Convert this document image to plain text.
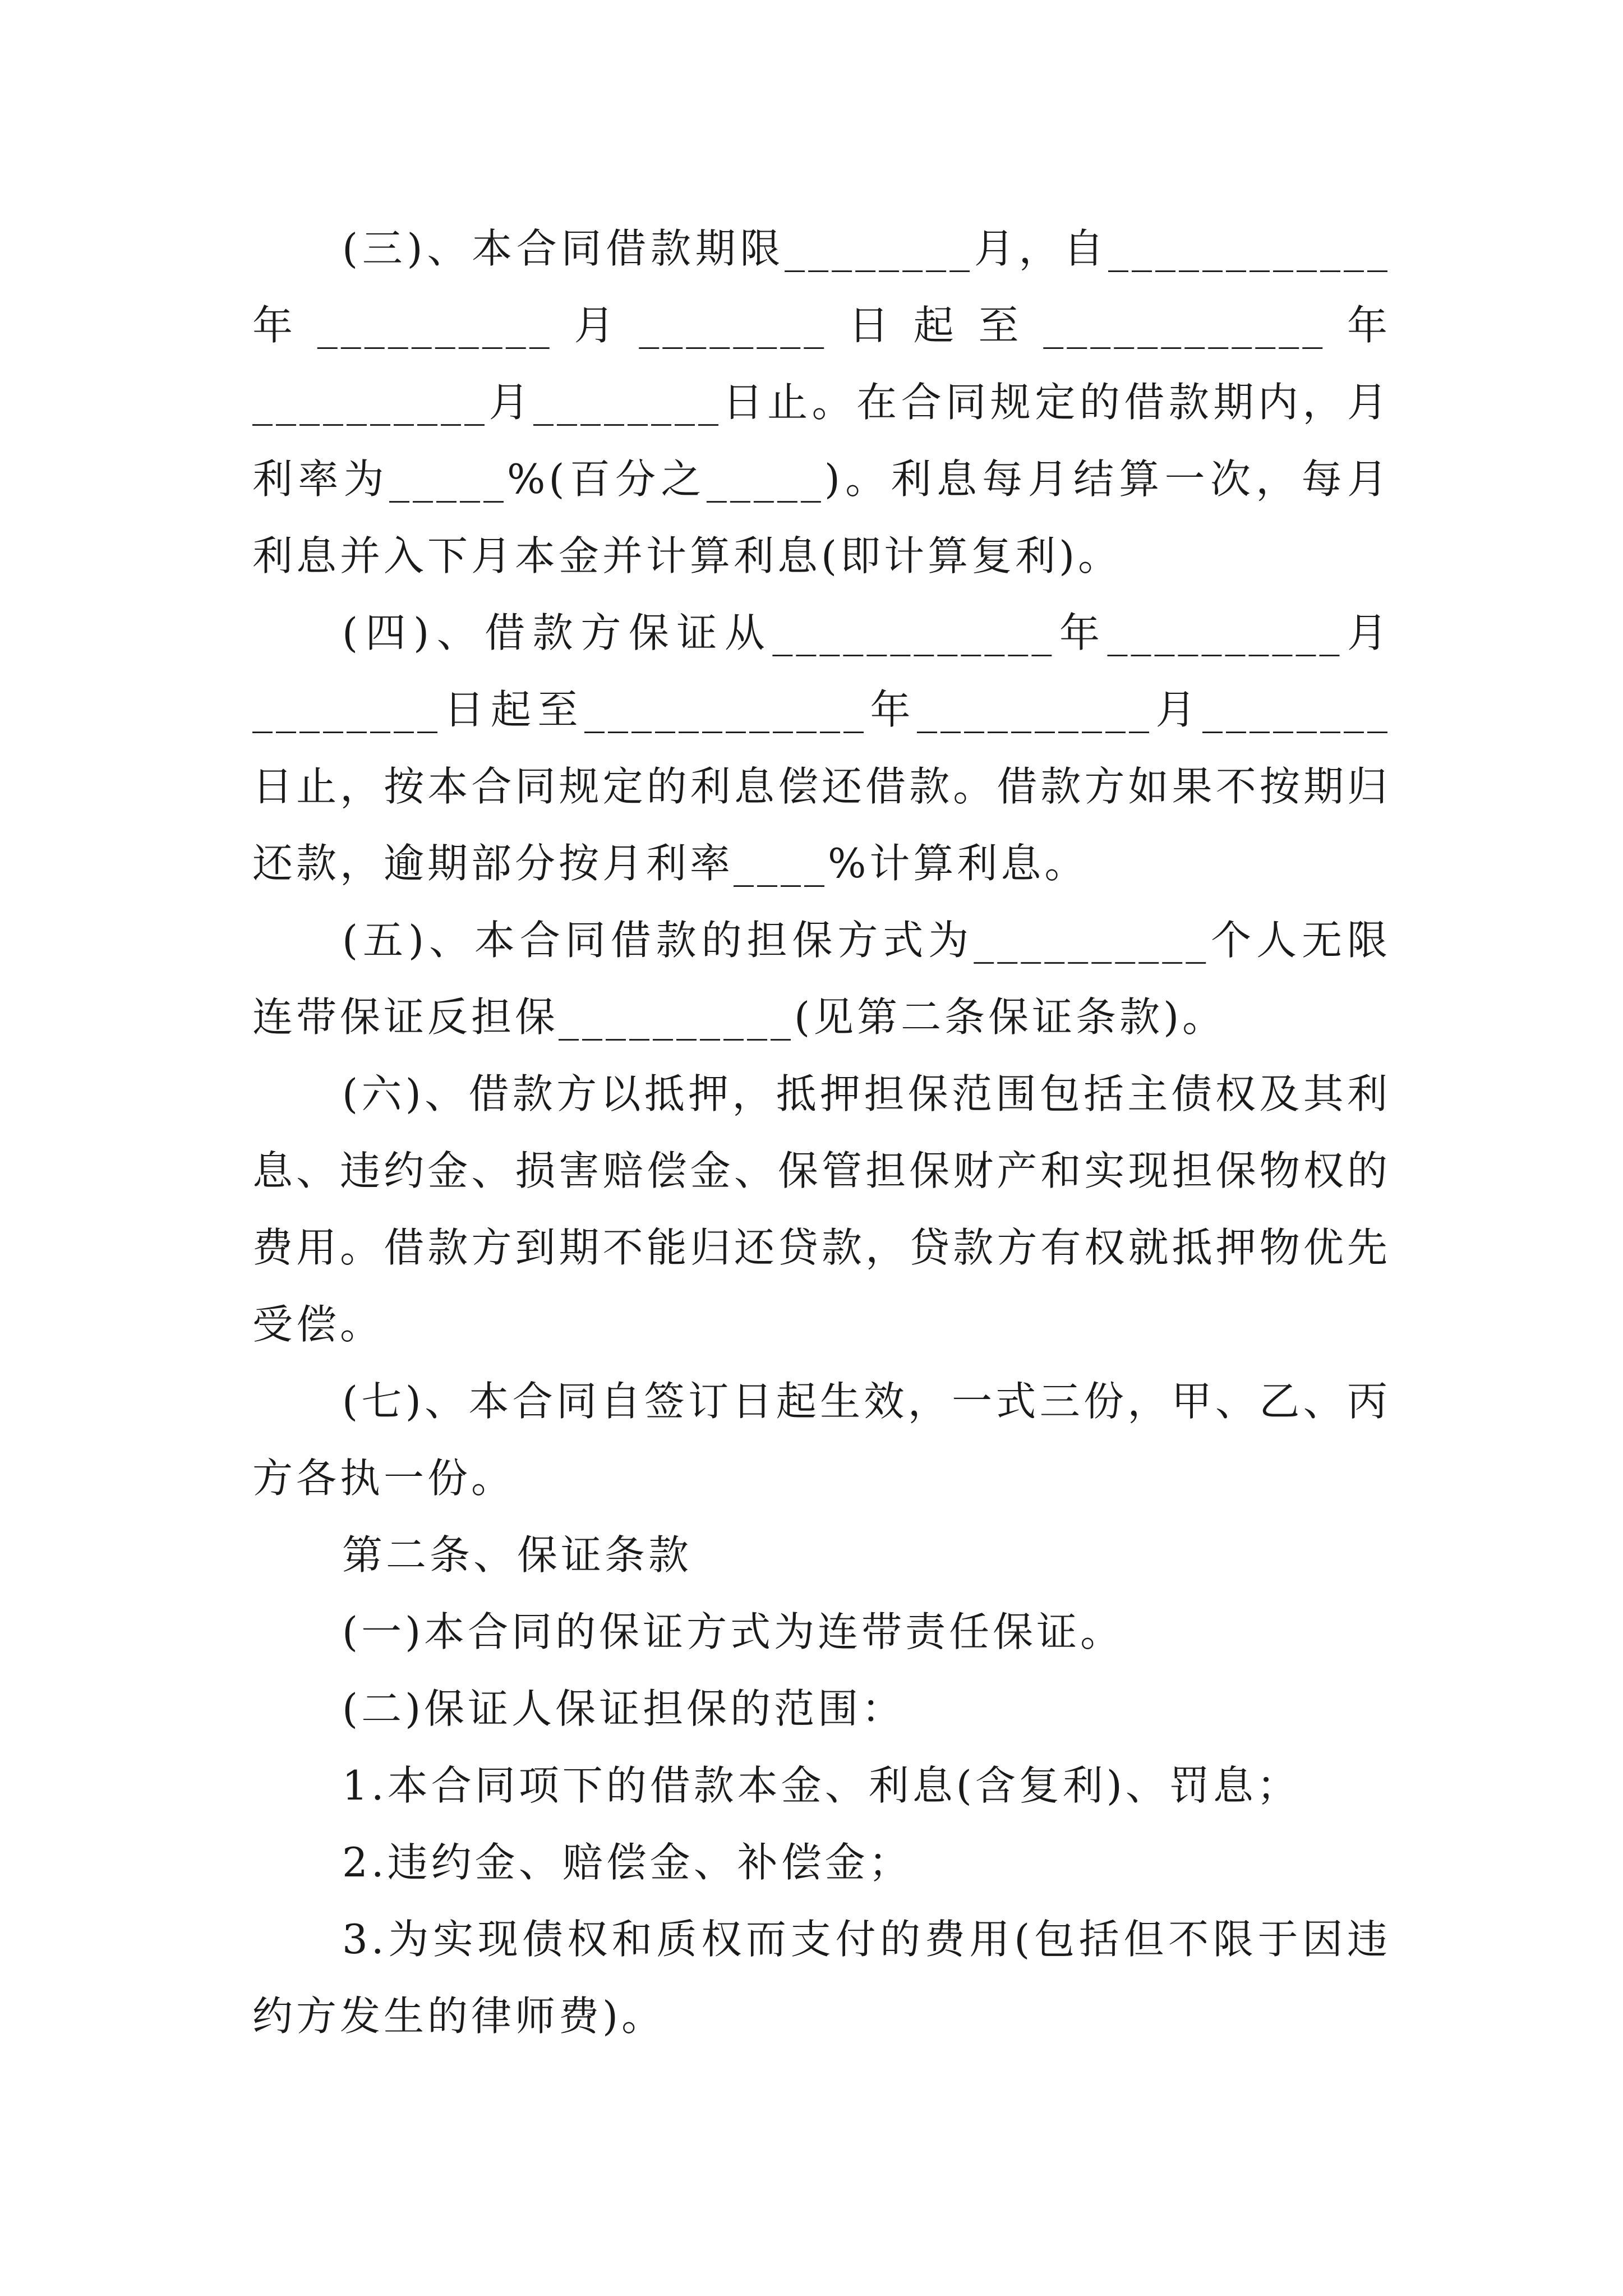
(三)、本合同借款期限________月，自____________年__________月________日起至____________年__________月________日止。在合同规定的借款期内，月利率为_____%(百分之_____)。利息每月结算一次，每月利息并入下月本金并计算利息(即计算复利)。

(四)、借款方保证从____________年__________月________日起至____________年__________月________日止，按本合同规定的利息偿还借款。借款方如果不按期归还款，逾期部分按月利率____%计算利息。

(五)、本合同借款的担保方式为__________个人无限连带保证反担保__________(见第二条保证条款)。

(六)、借款方以抵押，抵押担保范围包括主债权及其利息、违约金、损害赔偿金、保管担保财产和实现担保物权的费用。借款方到期不能归还贷款，贷款方有权就抵押物优先受偿。

(七)、本合同自签订日起生效，一式三份，甲、乙、丙方各执一份。

第二条、保证条款

(一)本合同的保证方式为连带责任保证。

(二)保证人保证担保的范围：

1.本合同项下的借款本金、利息(含复利)、罚息；

2.违约金、赔偿金、补偿金；

3.为实现债权和质权而支付的费用(包括但不限于因违约方发生的律师费)。
